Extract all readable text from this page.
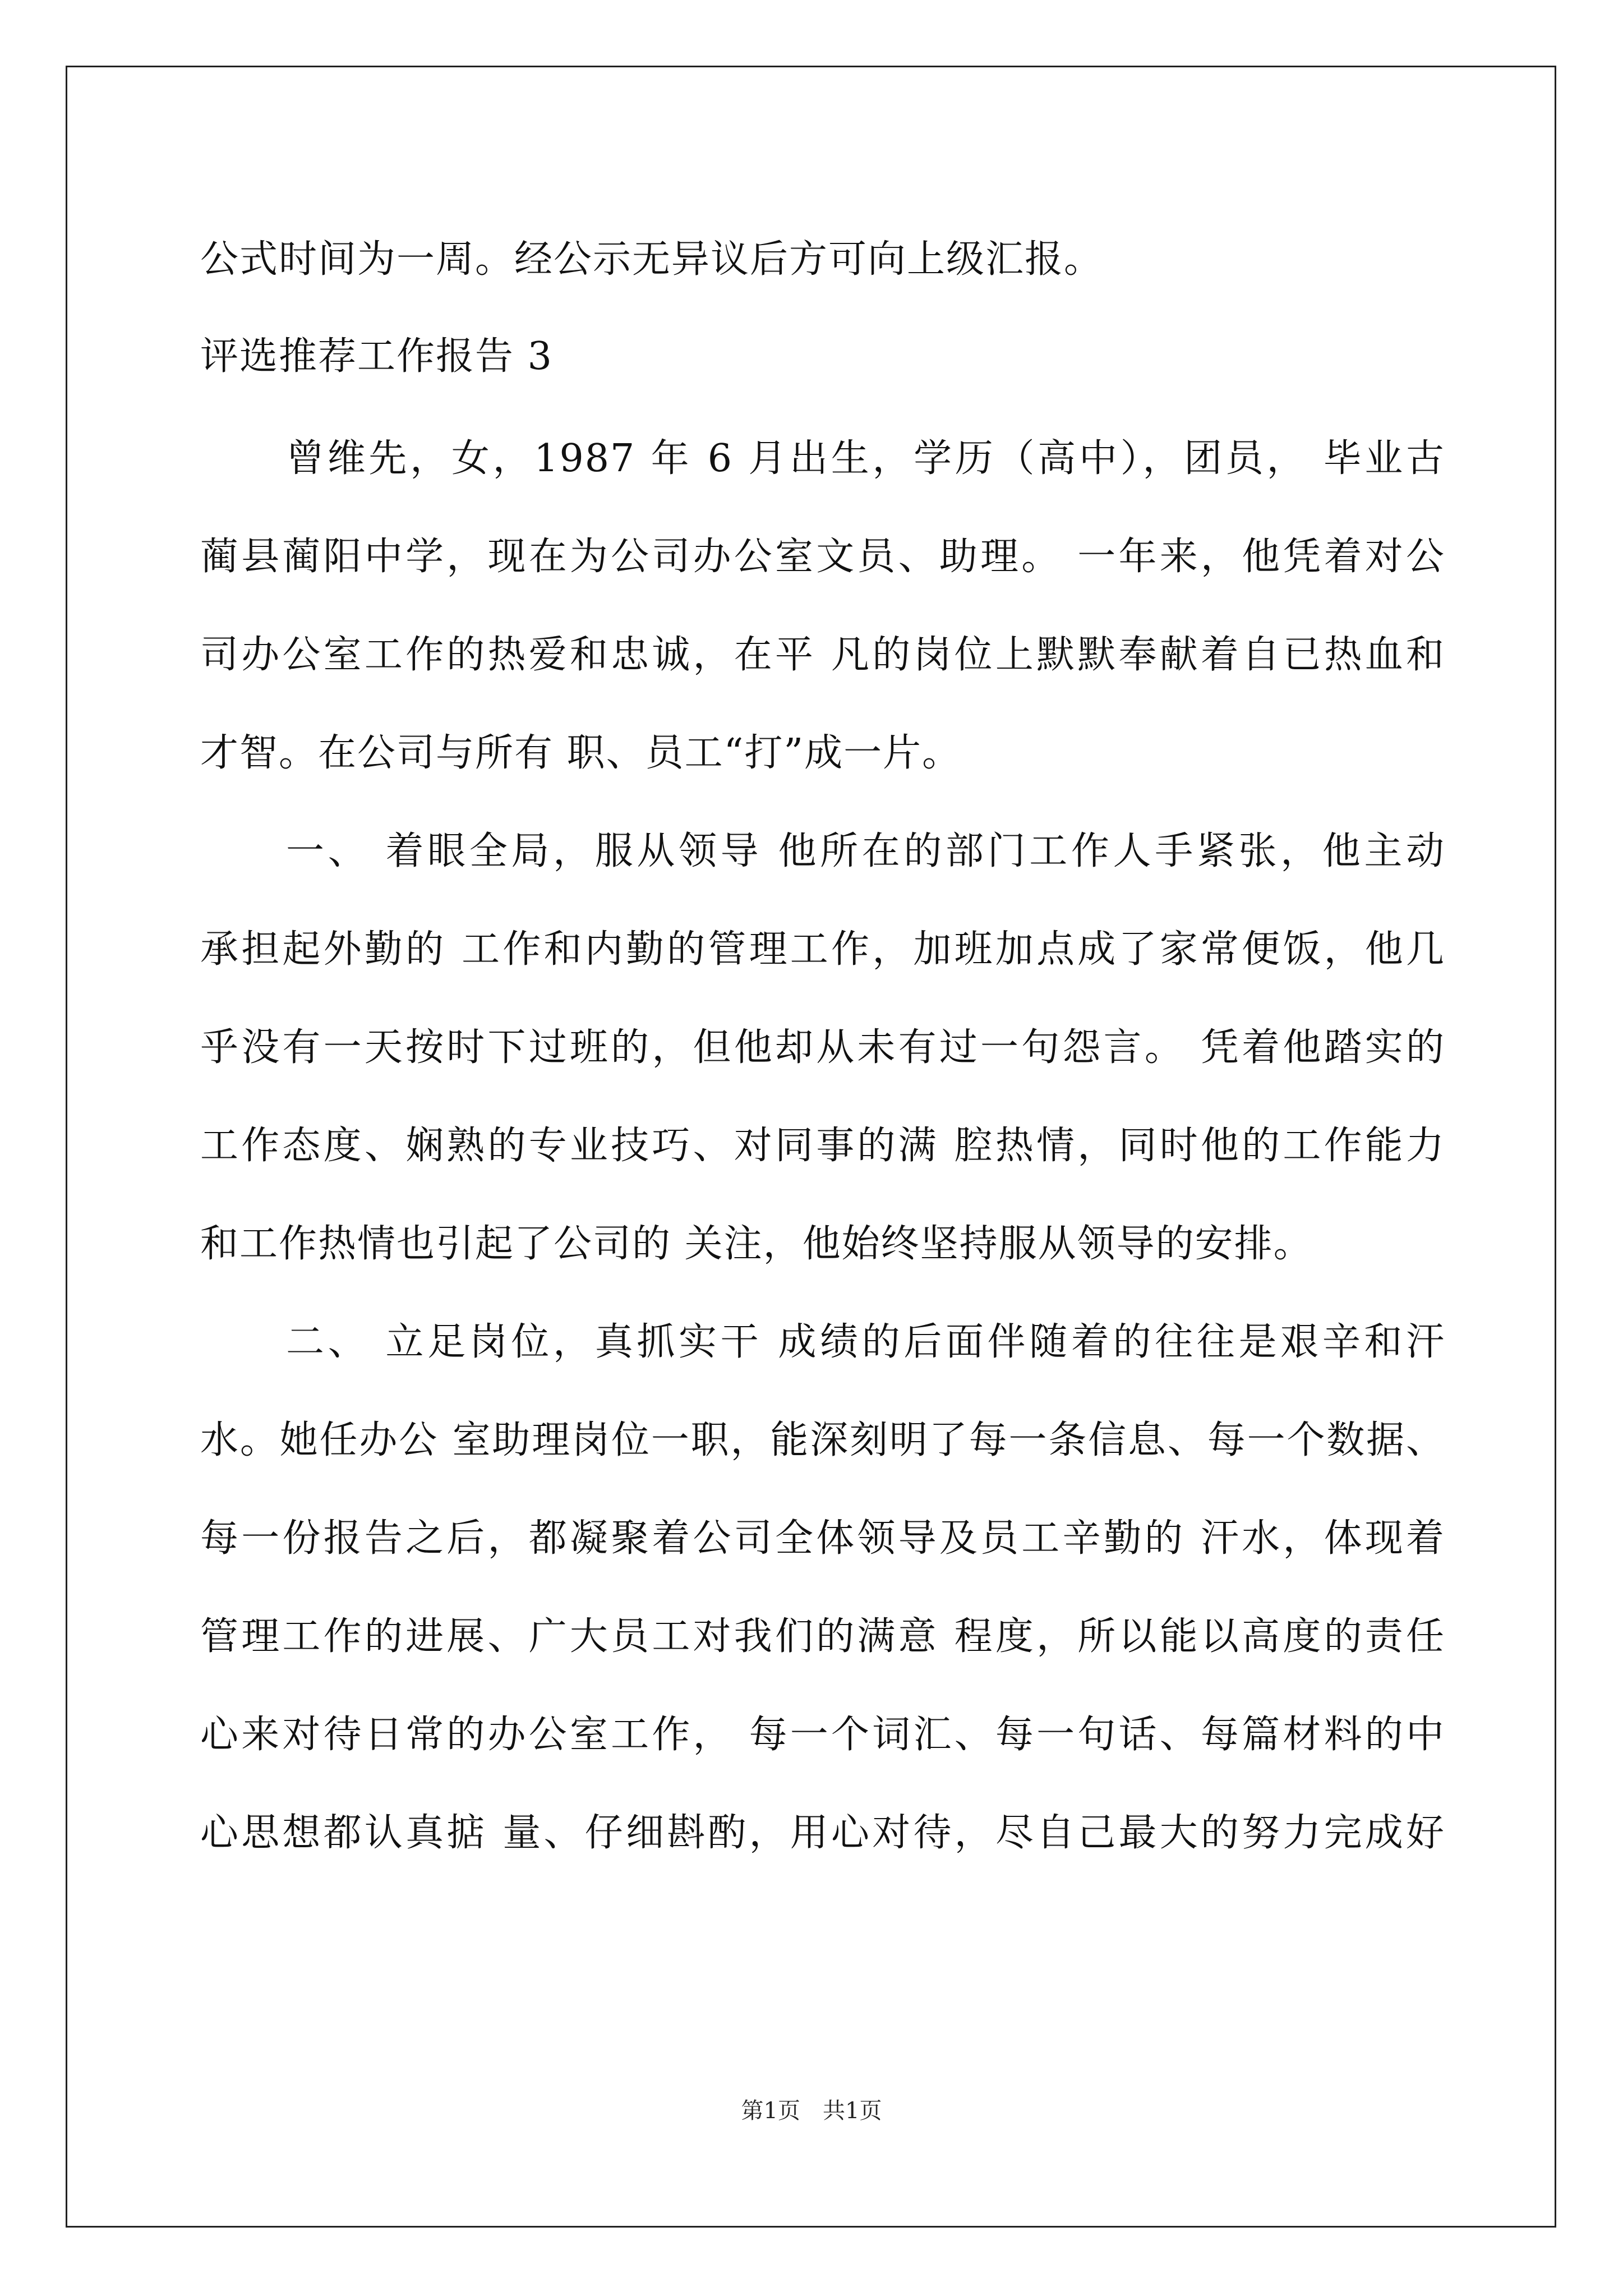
公式时间为一周。经公示无异议后方可向上级汇报。
评选推荐工作报告 3
曾维先，女，1987 年 6 月出生，学历（高中），团员， 毕业古
蔺县蔺阳中学，现在为公司办公室文员、助理。 一年来，他凭着对公
司办公室工作的热爱和忠诚，在平 凡的岗位上默默奉献着自已热血和
才智。在公司与所有 职、员工“打”成一片。
一、 着眼全局，服从领导 他所在的部门工作人手紧张，他主动
承担起外勤的 工作和内勤的管理工作，加班加点成了家常便饭，他几
乎没有一天按时下过班的，但他却从未有过一句怨言。 凭着他踏实的
工作态度、娴熟的专业技巧、对同事的满 腔热情，同时他的工作能力
和工作热情也引起了公司的 关注，他始终坚持服从领导的安排。
二、 立足岗位，真抓实干 成绩的后面伴随着的往往是艰辛和汗
水。她任办公 室助理岗位一职，能深刻明了每一条信息、每一个数据、
每一份报告之后，都凝聚着公司全体领导及员工辛勤的 汗水，体现着
管理工作的进展、广大员工对我们的满意 程度，所以能以高度的责任
心来对待日常的办公室工作， 每一个词汇、每一句话、每篇材料的中
心思想都认真掂 量、仔细斟酌，用心对待，尽自己最大的努力完成好
第1页　共1页
